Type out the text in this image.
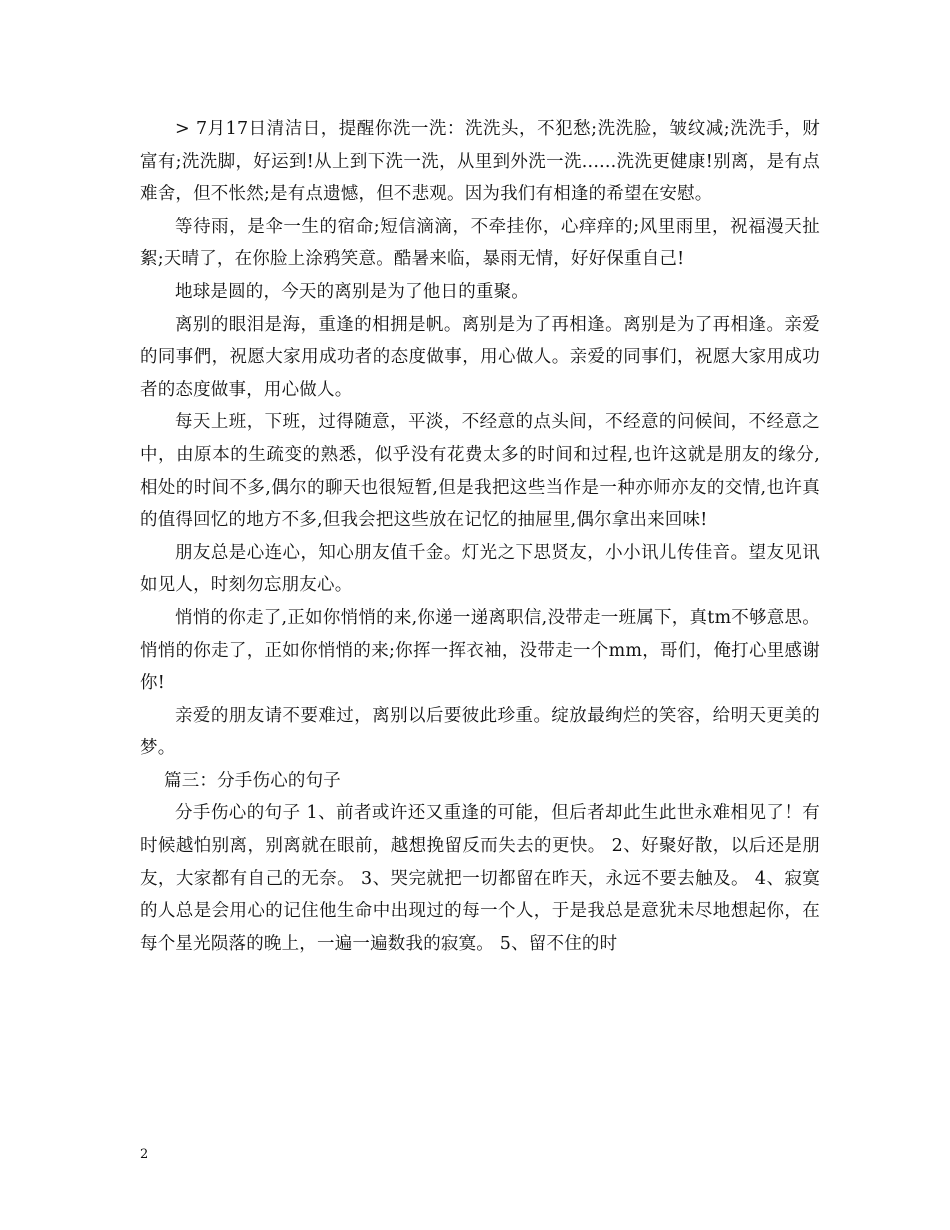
> 7月17日清洁日，提醒你洗一洗：洗洗头，不犯愁;洗洗脸，皱纹减;洗洗手，财富有;洗洗脚，好运到!从上到下洗一洗，从里到外洗一洗......洗洗更健康!别离，是有点难舍，但不怅然;是有点遗憾，但不悲观。因为我们有相逢的希望在安慰。

等待雨，是伞一生的宿命;短信滴滴，不牵挂你，心痒痒的;风里雨里，祝福漫天扯絮;天晴了，在你脸上涂鸦笑意。酷暑来临，暴雨无情，好好保重自己!

地球是圆的，今天的离别是为了他日的重聚。

离别的眼泪是海，重逢的相拥是帆。离别是为了再相逢。离别是为了再相逢。亲爱的同事們，祝愿大家用成功者的态度做事，用心做人。亲爱的同事们，祝愿大家用成功者的态度做事，用心做人。

每天上班，下班，过得随意，平淡，不经意的点头间，不经意的问候间，不经意之中，由原本的生疏变的熟悉，似乎没有花费太多的时间和过程,也许这就是朋友的缘分,相处的时间不多,偶尔的聊天也很短暂,但是我把这些当作是一种亦师亦友的交情,也许真的值得回忆的地方不多,但我会把这些放在记忆的抽屉里,偶尔拿出来回味!

朋友总是心连心，知心朋友值千金。灯光之下思贤友，小小讯儿传佳音。望友见讯如见人，时刻勿忘朋友心。

悄悄的你走了,正如你悄悄的来,你递一递离职信,没带走一班属下，真tm不够意思。悄悄的你走了，正如你悄悄的来;你挥一挥衣袖，没带走一个mm，哥们，俺打心里感谢你!

亲爱的朋友请不要难过，离别以后要彼此珍重。绽放最绚烂的笑容，给明天更美的梦。

篇三：分手伤心的句子

分手伤心的句子 1、前者或许还又重逢的可能，但后者却此生此世永难相见了！有时候越怕别离，别离就在眼前，越想挽留反而失去的更快。 2、好聚好散，以后还是朋友，大家都有自己的无奈。 3、哭完就把一切都留在昨天，永远不要去触及。 4、寂寞的人总是会用心的记住他生命中出现过的每一个人，于是我总是意犹未尽地想起你，在每个星光陨落的晚上，一遍一遍数我的寂寞。 5、留不住的时

2
